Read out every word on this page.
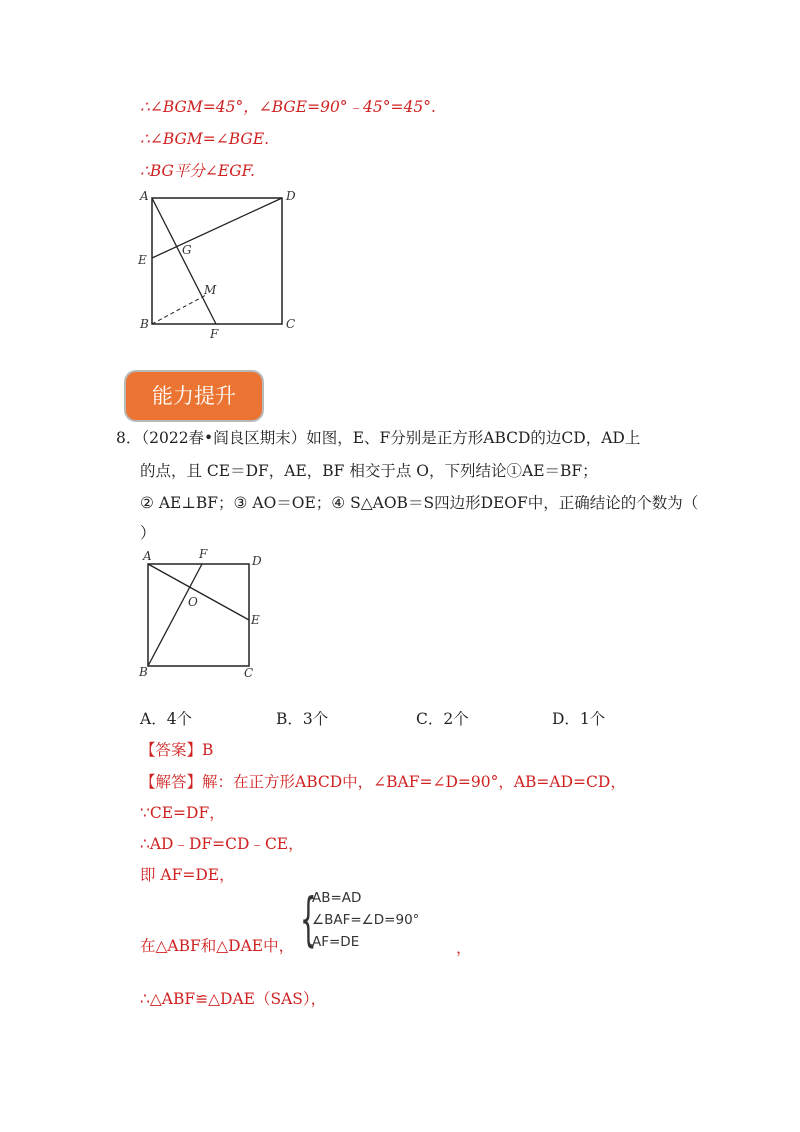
∴∠BGM=45°，∠BGE=90°﹣45°=45°.
∴∠BGM=∠BGE.
∴BG平分∠EGF.
A	D
E
G
M
B
F
C
能力提升
8．（2022春•阎良区期末）如图，E、F分别是正方形ABCD的边CD，AD上
的点，且 CE＝DF，AE，BF 相交于点 O，下列结论①AE＝BF；
② AE⊥BF；③ AO＝OE；④ S△AOB＝S四边形DEOF中，正确结论的个数为（
）
A	F	D
O
E
B	C
A．4个	B．3个	C．2个	D．1个
【答案】B
【解答】解：在正方形ABCD中，∠BAF=∠D=90°，AB=AD=CD，
∵CE=DF，
∴AD﹣DF=CD﹣CE，
即 AF=DE，
在△ABF和△DAE中， {
AB=AD
∠BAF=∠D=90°
AF=DE	，
∴△ABF≌△DAE（SAS），
